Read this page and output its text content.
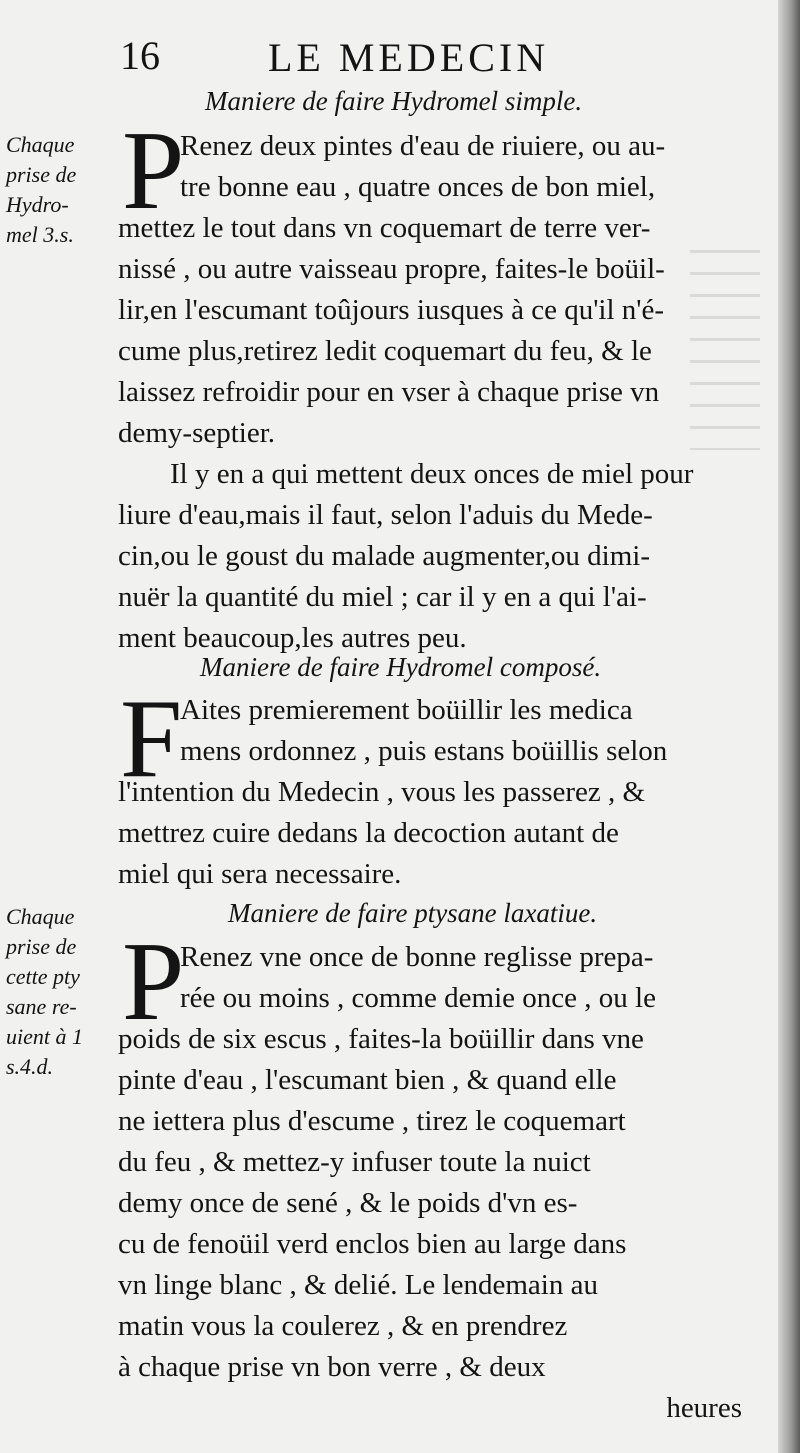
16	LE MEDECIN
Chaque
prise de
Hydro-
mel 3.s.
Maniere de faire Hydromel simple.
P
Renez deux pintes d'eau de riuiere, ou au-
tre bonne eau , quatre onces de bon miel,
mettez le tout dans vn coquemart de terre ver-
nissé , ou autre vaisseau propre, faites-le boüil-
lir,en l'escumant toûjours iusques à ce qu'il n'é-
cume plus,retirez ledit coquemart du feu, & le
laissez refroidir pour en vser à chaque prise vn
demy-septier.
Il y en a qui mettent deux onces de miel pour
liure d'eau,mais il faut, selon l'aduis du Mede-
cin,ou le goust du malade augmenter,ou dimi-
nuër la quantité du miel ; car il y en a qui l'ai-
ment beaucoup,les autres peu.
Maniere de faire Hydromel composé.
F
Aites premierement boüillir les medica
mens ordonnez , puis estans boüillis selon
l'intention du Medecin , vous les passerez , &
mettrez cuire dedans la decoction autant de
miel qui sera necessaire.
Chaque
prise de
cette pty
sane re-
uient à 1
s.4.d.
Maniere de faire ptysane laxatiue.
P
Renez vne once de bonne reglisse prepa-
rée ou moins , comme demie once , ou le
poids de six escus , faites-la boüillir dans vne
pinte d'eau , l'escumant bien , & quand elle
ne iettera plus d'escume , tirez le coquemart
du feu , & mettez-y infuser toute la nuict
demy once de sené , & le poids d'vn es-
cu de fenoüil verd enclos bien au large dans
vn linge blanc , & delié. Le lendemain au
matin vous la coulerez , & en prendrez
à chaque prise vn bon verre , & deux
heures
